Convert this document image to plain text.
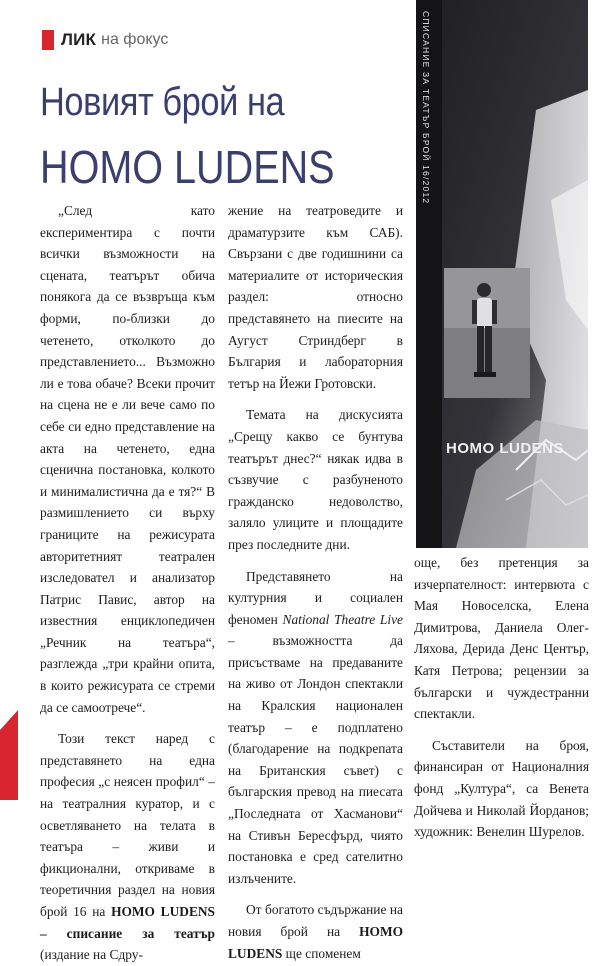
ЛИК на фокус
Новият брой на
HOMO LUDENS

„След като експериментира с почти всички възможности на сцената, театърът обича понякога да се възвръща към форми, по-близки до четенето, отколкото до представлението... Възможно ли е това обаче? Всеки прочит на сцена не е ли вече само по себе си едно представление на акта на четенето, една сценична постановка, колкото и минималистична да е тя?“ В размишлението си върху границите на режисурата авторитетният театрален изследовател и анализатор Патрис Павис, автор на известния енциклопедичен „Речник на театъра“, разглежда „три крайни опита, в които режисурата се стреми да се самоотрече“.

Този текст наред с представянето на една професия „с неясен профил“ – на театралния куратор, и с осветляването на телата в театъра – живи и фикционални, откриваме в теоретичния раздел на новия брой 16 на HOMO LUDENS – списание за театър (издание на Сдру-

жение на театроведите и драматурзите към САБ). Свързани с две годишнини са материалите от историческия раздел: относно представянето на пиесите на Аугуст Стриндберг в България и лабораторния тетър на Йежи Гротовски.

Темата на дискусията „Срещу какво се бунтува театърът днес?“ някак идва в съзвучие с разбуненото гражданско недоволство, заляло улиците и площадите през последните дни.

Представянето на културния и социален феномен National Theatre Live – възможността да присъстваме на предаваните на живо от Лондон спектакли на Кралския национален театър – е подплатено (благодарение на подкрепата на Британския съвет) с българския превод на пиесата „Последната от Хасманови“ на Стивън Бересфърд, чиято постановка е сред сателитно излъчените.

От богатото съдържание на новия брой на HOMO LUDENS ще споменем

СПИСАНИЕ ЗА ТЕАТЪР БРОЙ 16/2012
HOMO LUDENS

още, без претенция за изчерпателност: интервюта с Мая Новоселска, Елена Димитрова, Даниела Олег-Ляхова, Дерида Денс Център, Катя Петрова; рецензии за български и чуждестранни спектакли.

Съставители на броя, финансиран от Националния фонд „Култура“, са Венета Дойчева и Николай Йорданов; художник: Венелин Шурелов.
